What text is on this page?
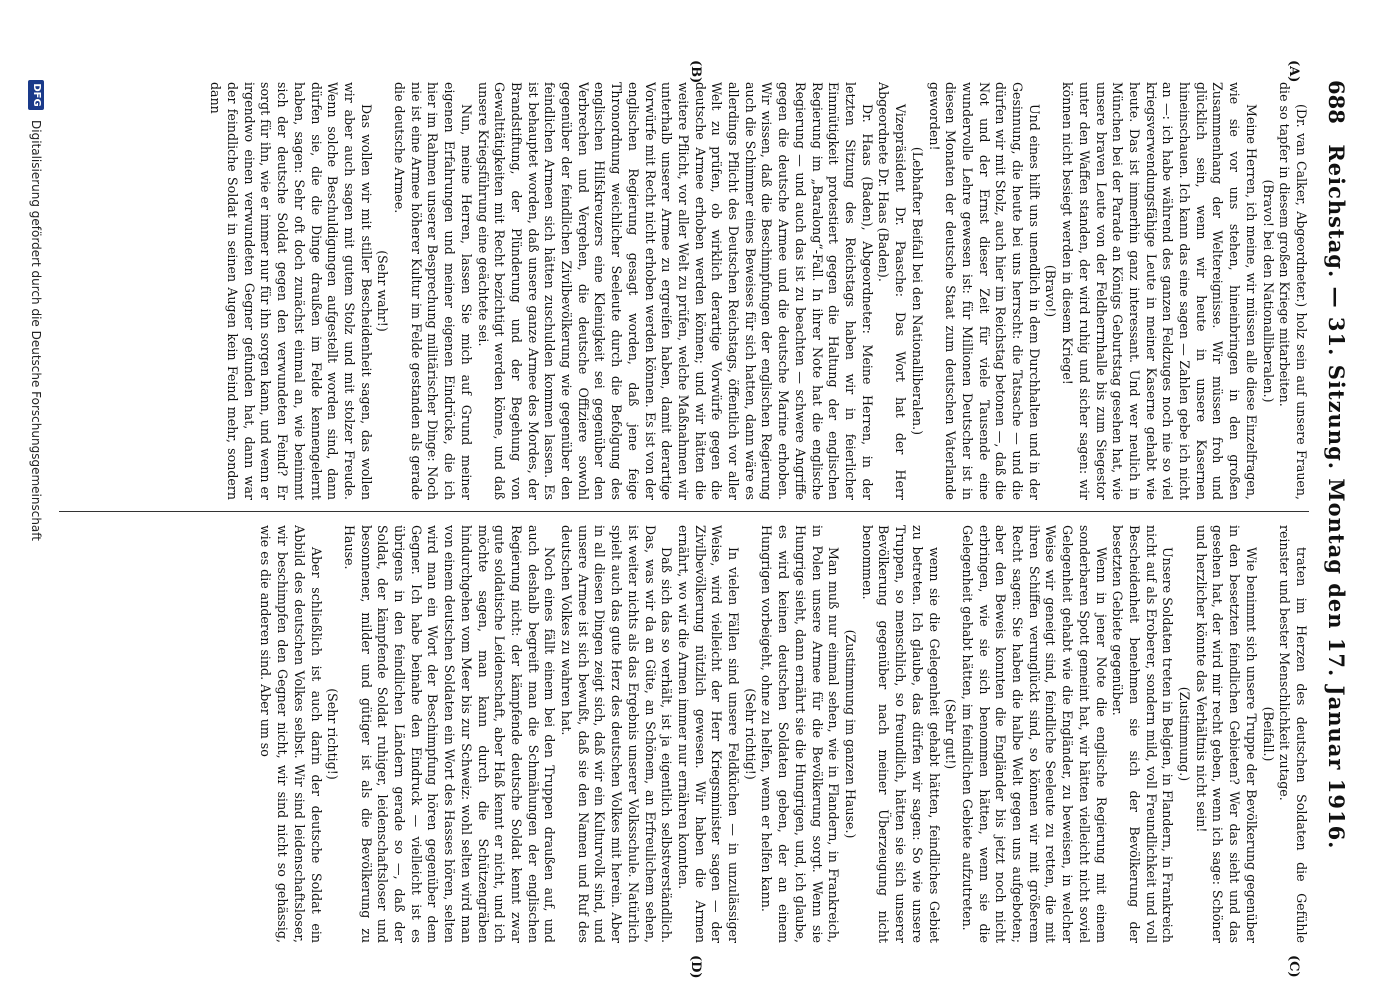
688
Reichstag. — 31. Sitzung. Montag den 17. Januar 1916.
(A)
(B)
(C)
(D)

(Dr. van Calker, Abgeordneter.) holz sein auf unsere Frauen, die so tapfer in diesem großen Kriege mitarbeiten.

(Bravo! bei den Nationalliberalen.)

Meine Herren, ich meine, wir müssen alle diese Einzelfragen, wie sie vor uns stehen, hineinbringen in den großen Zusammenhang der Weltereignisse. Wir müssen froh und glücklich sein, wenn wir heute in unsere Kasernen hineinschauen. Ich kann das eine sagen — Zahlen gebe ich nicht an —: ich habe während des ganzen Feldzuges noch nie so viel kriegsverwendungsfähige Leute in meiner Kaserne gehabt wie heute. Das ist immerhin ganz interessant. Und wer neulich in München bei der Parade an Königs Geburtstag gesehen hat, wie unsere braven Leute von der Feldherrnhalle bis zum Siegestor unter den Waffen standen, der wird ruhig und sicher sagen: wir können nicht besiegt werden in diesem Kriege!

(Bravo!)

Und eines hilft uns unendlich in dem Durchhalten und in der Gesinnung, die heute bei uns herrscht: die Tatsache — und die dürfen wir mit Stolz, auch hier im Reichstag betonen —, daß die Not und der Ernst dieser Zeit für viele Tausende eine wundervolle Lehre gewesen ist: für Millionen Deutscher ist in diesen Monaten der deutsche Staat zum deutschen Vaterlande geworden!

(Lebhafter Beifall bei den Nationalliberalen.)

Vizepräsident Dr. Paasche: Das Wort hat der Herr Abgeordnete Dr. Haas (Baden).

Dr. Haas (Baden), Abgeordneter: Meine Herren, in der letzten Sitzung des Reichstags haben wir in feierlicher Einmütigkeit protestiert gegen die Haltung der englischen Regierung im „Baralong“-Fall. In ihrer Note hat die englische Regierung — und auch das ist zu beachten — schwere Angriffe gegen die deutsche Armee und die deutsche Marine erhoben. Wir wissen, daß die Beschimpfungen der englischen Regierung auch die Schimmer eines Beweises für sich hatten, dann wäre es allerdings Pflicht des Deutschen Reichstags, öffentlich vor aller Welt zu prüfen, ob wirklich derartige Vorwürfe gegen die deutsche Armee erhoben werden können; und wir hätten die weitere Pflicht, vor aller Welt zu prüfen, welche Maßnahmen wir unterhalb unserer Armee zu ergreifen haben, damit derartige Vorwürfe mit Recht nicht erhoben werden können. Es ist von der englischen Regierung gesagt worden, daß jene feige Thronordnung weichlicher Seeleute durch die Befolgung des englischen Hilfskreuzers eine Kleinigkeit sei gegenüber den Verbrechen und Vergehen, die deutsche Offiziere sowohl gegenüber der feindlichen Zivilbevölkerung wie gegenüber den feindlichen Armeen sich hätten zuschulden kommen lassen. Es ist behauptet worden, daß unsere ganze Armee des Mordes, der Brandstiftung, der Plünderung und der Begehung von Gewalttätigkeiten mit Recht bezichtigt werden könne, und daß unsere Kriegsführung eine geächtete sei.

Nun, meine Herren, lassen Sie mich auf Grund meiner eigenen Erfahrungen und meiner eigenen Eindrücke, die ich hier im Rahmen unserer Besprechung militärischer Dinge: Noch nie ist eine Armee höherer Kultur im Felde gestanden als gerade die deutsche Armee.

(Sehr wahr!)

Das wollen wir mit stiller Bescheidenheit sagen, das wollen wir aber auch sagen mit gutem Stolz und mit stolzer Freude. Wenn solche Beschuldigungen aufgestellt worden sind, dann dürfen sie, die die Dinge draußen im Felde kennengelernt haben, sagen: Sehr oft doch zunächst einmal an, wie benimmt sich der deutsche Soldat gegen den verwundeten Feind? Er sorgt für ihn, wie er immer nur für ihn sorgen kann, und wenn er irgendwo einen verwundeten Gegner gefunden hat, dann war der feindliche Soldat in seinen Augen kein Feind mehr, sondern dann

traten im Herzen des deutschen Soldaten die Gefühle reinster und bester Menschlichkeit zutage.

(Beifall.)

Wie benimmt sich unsere Truppe der Bevölkerung gegenüber in den besetzten feindlichen Gebieten? Wer das sieht und das gesehen hat, der wird mir recht geben, wenn ich sage: Schöner und herzlicher könnte das Verhältnis nicht sein!

(Zustimmung.)

Unsere Soldaten treten in Belgien, in Flandern, in Frankreich nicht auf als Eroberer, sondern mild, voll Freundlichkeit und voll Bescheidenheit benehmen sie sich der Bevölkerung der besetzten Gebiete gegenüber.

Wenn in jener Note die englische Regierung mit einem sonderbaren Spott gemeint hat, wir hätten vielleicht nicht soviel Gelegenheit gehabt wie die Engländer, zu beweisen, in welcher Weise wir geneigt sind, feindliche Seeleute zu retten, die mit ihren Schiffen verunglückt sind, so können wir mit größerem Recht sagen: Sie haben die halbe Welt gegen uns aufgeboten; aber den Beweis konnten die Engländer bis jetzt noch nicht erbringen, wie sie sich benommen hätten, wenn sie die Gelegenheit gehabt hätten, im feindlichen Gebiete aufzutreten.

(Sehr gut!)

wenn sie die Gelegenheit gehabt hätten, feindliches Gebiet zu betreten. Ich glaube, das dürfen wir sagen: So wie unsere Truppen, so menschlich, so freundlich, hätten sie sich unserer Bevölkerung gegenüber nach meiner Überzeugung nicht benommen.

(Zustimmung im ganzen Hause.)

Man muß nur einmal sehen, wie in Flandern, in Frankreich, in Polen unsere Armee für die Bevölkerung sorgt. Wenn sie Hungrige sieht, dann ernährt sie die Hungrigen, und, ich glaube, es wird keinen deutschen Soldaten geben, der an einem Hungrigen vorbeigeht, ohne zu helfen, wenn er helfen kann.

(Sehr richtig!)

In vielen Fällen sind unsere Feldküchen — in unzulässiger Weise, wird vielleicht der Herr Kriegsminister sagen — der Zivilbevölkerung nützlich gewesen. Wir haben die Armen ernährt, wo wir die Armen immer nur ernähren konnten.

Daß sich das so verhält, ist ja eigentlich selbstverständlich. Das, was wir da an Güte, an Schönem, an Erfreulichem sehen, ist weiter nichts als das Ergebnis unserer Volksschule. Natürlich spielt auch das gute Herz des deutschen Volkes mit herein. Aber in all diesen Dingen zeigt sich, daß wir ein Kulturvolk sind, und unsere Armee ist sich bewußt, daß sie den Namen und Ruf des deutschen Volkes zu wahren hat.

Noch eines fällt einem bei den Truppen draußen auf, und auch deshalb begreift man die Schmähungen der englischen Regierung nicht: der kämpfende deutsche Soldat kennt zwar gute soldatische Leidenschaft, aber Haß kennt er nicht, und ich möchte sagen, man kann durch die Schützengräben hindurchgehen vom Meer bis zur Schweiz: wohl selten wird man von einem deutschen Soldaten ein Wort des Hasses hören, selten wird man ein Wort der Beschimpfung hören gegenüber dem Gegner. Ich habe beinahe den Eindruck — vielleicht ist es übrigens in den feindlichen Ländern gerade so —, daß der Soldat, der kämpfende Soldat ruhiger, leidenschaftsloser und besonnener, milder und gütiger ist als die Bevölkerung zu Hause.

(Sehr richtig!)

Aber schließlich ist auch darin der deutsche Soldat ein Abbild des deutschen Volkes selbst. Wir sind leidenschaftsloser, wir beschimpfen den Gegner nicht, wir sind nicht so gehässig, wie es die anderen sind. Aber um so

DFG
Digitalisierung gefördert durch die Deutsche Forschungsgemeinschaft
